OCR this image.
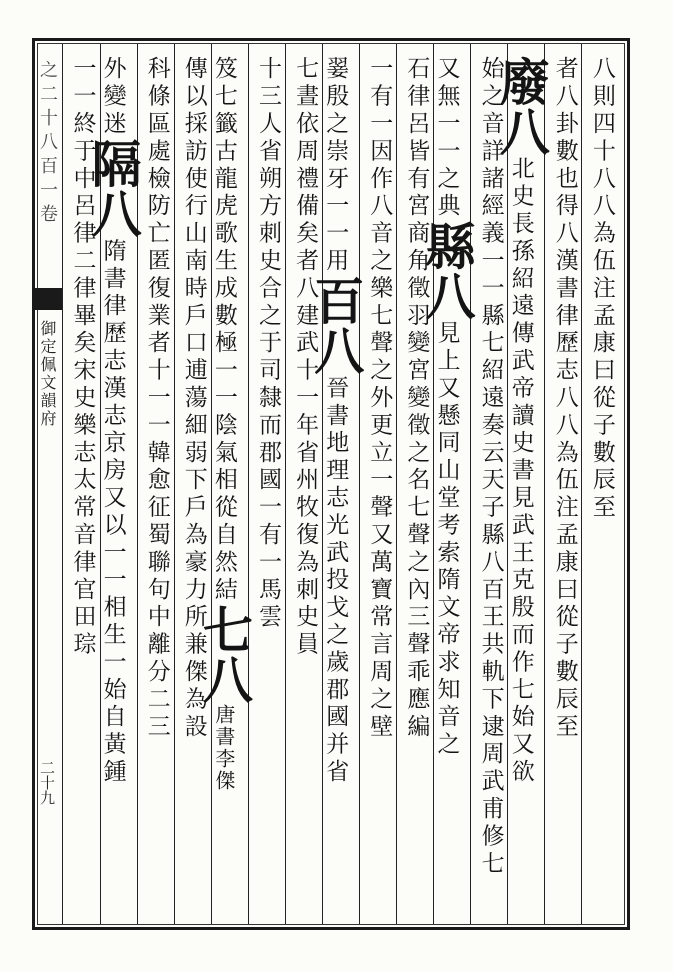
之二十八百一卷
御定佩文韻府
二十九
八則四十八八為伍注孟康曰從子數辰至
者八卦數也得八漢書律歷志八八為伍注孟康曰從子數辰至
廢八北史長孫紹遠傳武帝讀史書見武王克殷而作七始又欲
始之音詳諸經義一一縣七紹遠奏云天子縣八百王共軌下逮周武甫修七
又無一一之典縣八見上又懸同山堂考索隋文帝求知音之
石律呂皆有宮商角徵羽變宮變徵之名七聲之內三聲乖應編
一有一因作八音之樂七聲之外更立一聲又萬寶常言周之壁
翣殷之崇牙一一用百八晉書地理志光武投戈之歲郡國并省
七晝依周禮備矣者八建武十一年省州牧復為刺史員
十三人省朔方刺史合之于司隸而郡國一有一馬雲
笈七籤古龍虎歌生成數極一一陰氣相從自然結七八唐書李傑
傳以採訪使行山南時戶口逋蕩細弱下戶為豪力所兼傑為設
科條區處檢防亡匿復業者十一一韓愈征蜀聯句中離分二三
外變迷隔八隋書律歷志漢志京房又以一一相生一始自黃鍾
一一終于中呂律二律畢矣宋史樂志太常音律官田琮
